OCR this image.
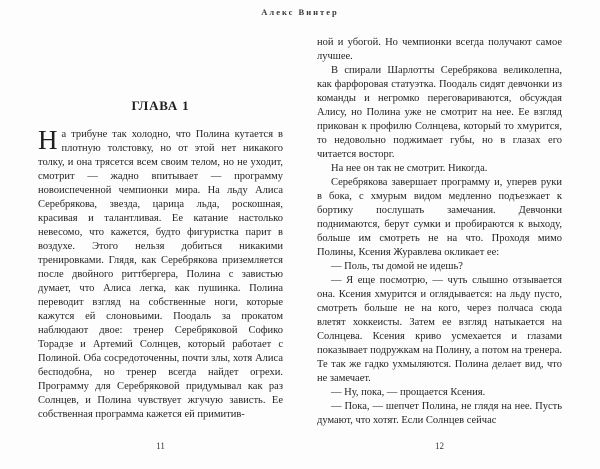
Алекс Винтер
ГЛАВА 1

На трибуне так холодно, что Полина кутается в плотную толстовку, но от этой нет никакого толку, и она трясется всем своим телом, но не уходит, смотрит — жадно впитывает — программу новоиспеченной чемпионки мира. На льду Алиса Серебрякова, звезда, царица льда, роскошная, красивая и талантливая. Ее катание настолько невесомо, что кажется, будто фигуристка парит в воздухе. Этого нельзя добиться никакими тренировками. Глядя, как Серебрякова приземляется после двойного риттбергера, Полина с завистью думает, что Алиса легка, как пушинка. Полина переводит взгляд на собственные ноги, которые кажутся ей слоновьими. Поодаль за прокатом наблюдают двое: тренер Серебряковой Софико Торадзе и Артемий Солнцев, который работает с Полиной. Оба сосредоточенны, почти злы, хотя Алиса бесподобна, но тренер всегда найдет огрехи. Программу для Серебряковой придумывал как раз Солнцев, и Полина чувствует жгучую зависть. Ее собственная программа кажется ей примитив-

ной и убогой. Но чемпионки всегда получают самое лучшее.

В спирали Шарлотты Серебрякова великолепна, как фарфоровая статуэтка. Поодаль сидят девчонки из команды и негромко переговариваются, обсуждая Алису, но Полина уже не смотрит на нее. Ее взгляд прикован к профилю Солнцева, который то хмурится, то недовольно поджимает губы, но в глазах его читается восторг.

На нее он так не смотрит. Никогда.

Серебрякова завершает программу и, уперев руки в бока, с хмурым видом медленно подъезжает к бортику послушать замечания. Девчонки поднимаются, берут сумки и пробираются к выходу, больше им смотреть не на что. Проходя мимо Полины, Ксения Журавлева окликает ее:

— Поль, ты домой не идешь?

— Я еще посмотрю, — чуть слышно отзывается она. Ксения хмурится и оглядывается: на льду пусто, смотреть больше не на кого, через полчаса сюда влетят хоккеисты. Затем ее взгляд натыкается на Солнцева. Ксения криво усмехается и глазами показывает подружкам на Полину, а потом на тренера. Те так же гадко ухмыляются. Полина делает вид, что не замечает.

— Ну, пока, — прощается Ксения.

— Пока, — шепчет Полина, не глядя на нее. Пусть думают, что хотят. Если Солнцев сейчас

11	12
